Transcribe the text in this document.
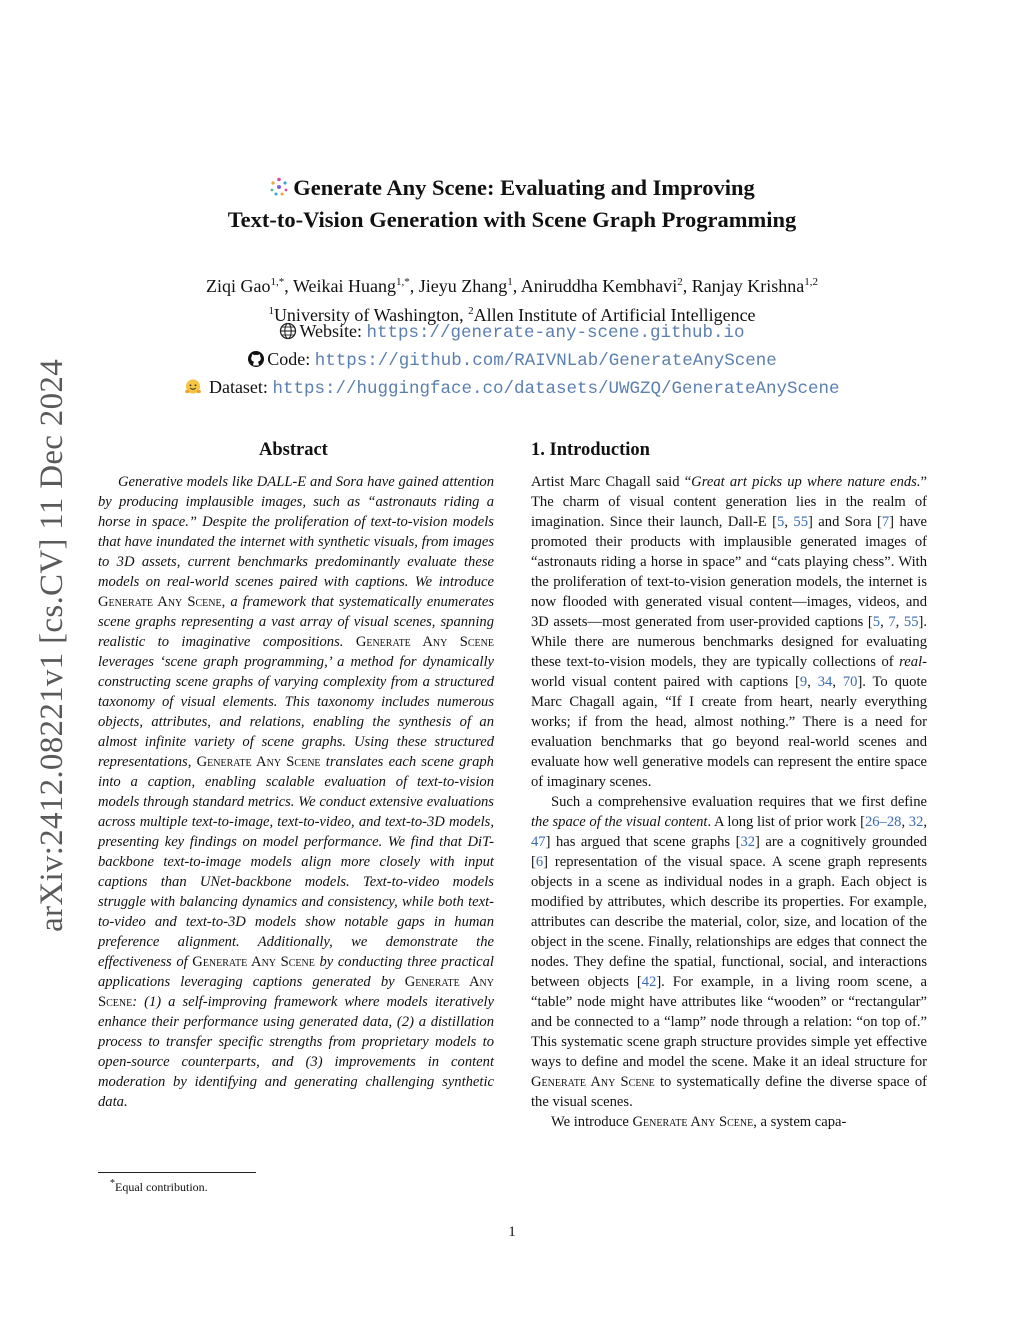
arXiv:2412.08221v1 [cs.CV] 11 Dec 2024
Generate Any Scene: Evaluating and Improving
Text-to-Vision Generation with Scene Graph Programming
Ziqi Gao$^{1,*}$, Weikai Huang$^{1,*}$, Jieyu Zhang$^1$, Aniruddha Kembhavi$^2$, Ranjay Krishna$^{1,2}$
$^1$University of Washington, $^2$Allen Institute of Artificial Intelligence
Website: https://generate-any-scene.github.io
Code: https://github.com/RAIVNLab/GenerateAnyScene
Dataset: https://huggingface.co/datasets/UWGZQ/GenerateAnyScene
Abstract

Generative models like DALL-E and Sora have gained attention by producing implausible images, such as “astronauts riding a horse in space.” Despite the proliferation of text-to-vision models that have inundated the internet with synthetic visuals, from images to 3D assets, current benchmarks predominantly evaluate these models on real-world scenes paired with captions. We introduce Generate Any Scene, a framework that systematically enumerates scene graphs representing a vast array of visual scenes, spanning realistic to imaginative compositions. Generate Any Scene leverages ‘scene graph programming,’ a method for dynamically constructing scene graphs of varying complexity from a structured taxonomy of visual elements. This taxonomy includes numerous objects, attributes, and relations, enabling the synthesis of an almost infinite variety of scene graphs. Using these structured representations, Generate Any Scene translates each scene graph into a caption, enabling scalable evaluation of text-to-vision models through standard metrics. We conduct extensive evaluations across multiple text-to-image, text-to-video, and text-to-3D models, presenting key findings on model performance. We find that DiT-backbone text-to-image models align more closely with input captions than UNet-backbone models. Text-to-video models struggle with balancing dynamics and consistency, while both text-to-video and text-to-3D models show notable gaps in human preference alignment. Additionally, we demonstrate the effectiveness of Generate Any Scene by conducting three practical applications leveraging captions generated by Generate Any Scene: (1) a self-improving framework where models iteratively enhance their performance using generated data, (2) a distillation process to transfer specific strengths from proprietary models to open-source counterparts, and (3) improvements in content moderation by identifying and generating challenging synthetic data.

*Equal contribution.
1. Introduction

Artist Marc Chagall said “Great art picks up where nature ends.” The charm of visual content generation lies in the realm of imagination. Since their launch, Dall-E [5, 55] and Sora [7] have promoted their products with implausible generated images of “astronauts riding a horse in space” and “cats playing chess”. With the proliferation of text-to-vision generation models, the internet is now flooded with generated visual content—images, videos, and 3D assets—most generated from user-provided captions [5, 7, 55]. While there are numerous benchmarks designed for evaluating these text-to-vision models, they are typically collections of real-world visual content paired with captions [9, 34, 70]. To quote Marc Chagall again, “If I create from heart, nearly everything works; if from the head, almost nothing.” There is a need for evaluation benchmarks that go beyond real-world scenes and evaluate how well generative models can represent the entire space of imaginary scenes.

Such a comprehensive evaluation requires that we first define the space of the visual content. A long list of prior work [26–28, 32, 47] has argued that scene graphs [32] are a cognitively grounded [6] representation of the visual space. A scene graph represents objects in a scene as individual nodes in a graph. Each object is modified by attributes, which describe its properties. For example, attributes can describe the material, color, size, and location of the object in the scene. Finally, relationships are edges that connect the nodes. They define the spatial, functional, social, and interactions between objects [42]. For example, in a living room scene, a “table” node might have attributes like “wooden” or “rectangular” and be connected to a “lamp” node through a relation: “on top of.” This systematic scene graph structure provides simple yet effective ways to define and model the scene. Make it an ideal structure for Generate Any Scene to systematically define the diverse space of the visual scenes.

We introduce Generate Any Scene, a system capa-

1
